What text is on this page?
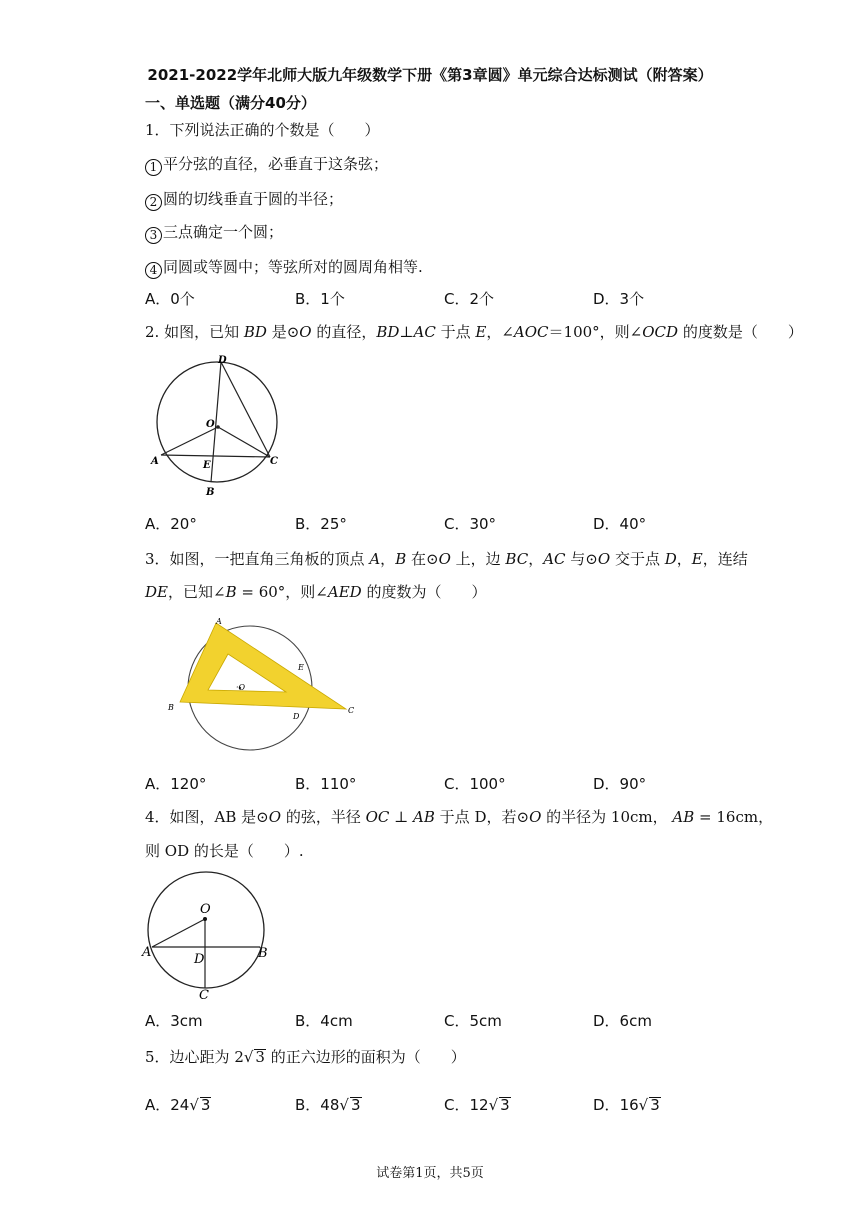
2021-2022学年北师大版九年级数学下册《第3章圆》单元综合达标测试（附答案）
一、单选题（满分40分）
1．下列说法正确的个数是（　　）
1 平分弦的直径，必垂直于这条弦；
2 圆的切线垂直于圆的半径；
3 三点确定一个圆；
4 同圆或等圆中；等弦所对的圆周角相等.
A．0个	B．1个	C．2个	D．3个
2. 如图，已知 BD 是⊙O 的直径，BD⊥AC 于点 E，∠AOC＝100°，则∠OCD 的度数是（　　）
D
O
A	E	C
B
A．20°	B．25°	C．30°	D．40°
3．如图，一把直角三角板的顶点 A，B 在⊙O 上，边 BC，AC 与⊙O 交于点 D，E，连结
DE，已知∠B = 60°，则∠AED 的度数为（　　）
A
E
·O
B
D
C
A．120°	B．110°	C．100°	D．90°
4．如图，AB 是⊙O 的弦，半径 OC ⊥ AB 于点 D，若⊙O 的半径为 10cm， AB = 16cm，
则 OD 的长是（　　）.
O
A	D	B
C
A．3cm	B．4cm	C．5cm	D．6cm
5．边心距为 2√ 3 的正六边形的面积为（　　）
A．24√ 3	B．48√ 3	C．12√ 3	D．16√ 3
试卷第1页，共5页
